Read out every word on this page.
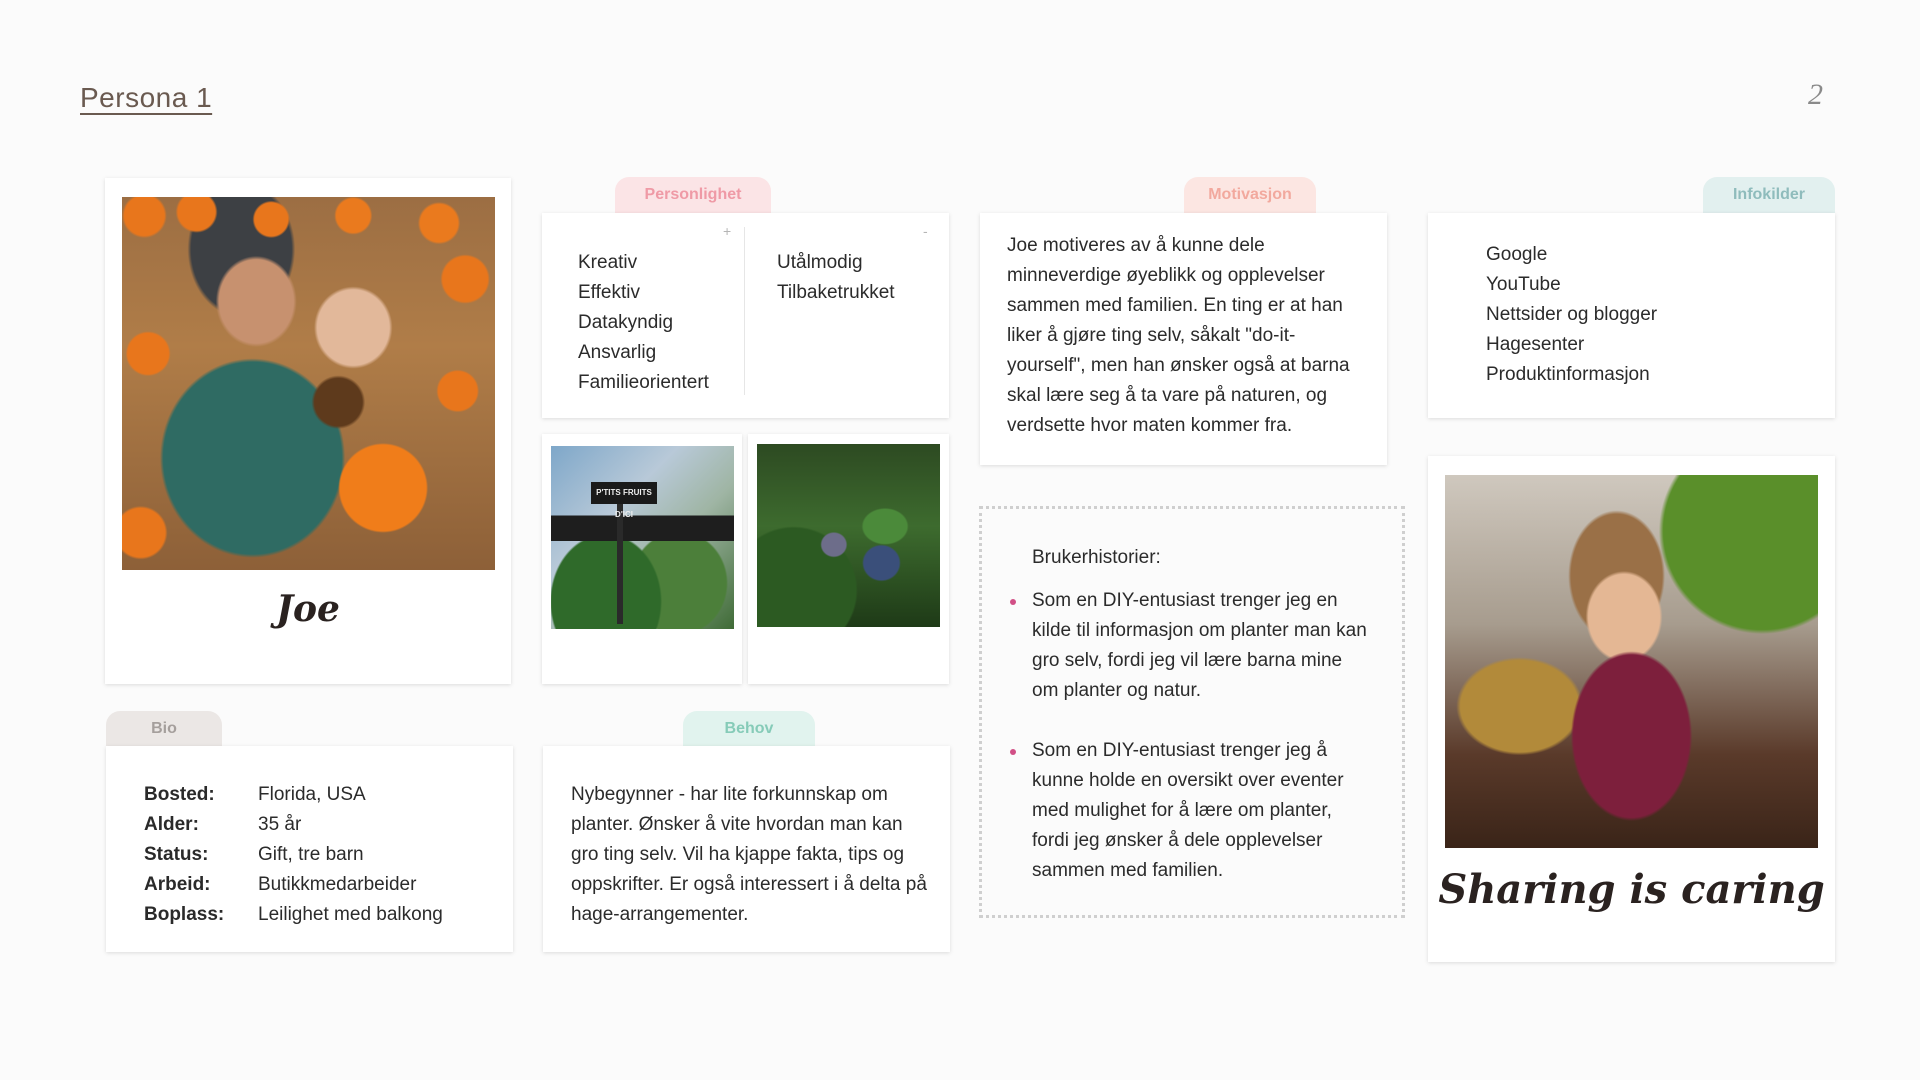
Persona 1	2
Joe
Personlighet
+
Kreativ
Effektiv
Datakyndig
Ansvarlig
Familieorientert
-
Utålmodig
Tilbaketrukket
P'TITS FRUITS D'ICI
Motivasjon
Joe motiveres av å kunne dele minneverdige øyeblikk og opplevelser sammen med familien. En ting er at han liker å gjøre ting selv, såkalt "do-it-yourself", men han ønsker også at barna skal lære seg å ta vare på naturen, og verdsette hvor maten kommer fra.
Infokilder
Google
YouTube
Nettsider og blogger
Hagesenter
Produktinformasjon
Brukerhistorier:
Som en DIY-entusiast trenger jeg en kilde til informasjon om planter man kan gro selv, fordi jeg vil lære barna mine om planter og natur.
Som en DIY-entusiast trenger jeg å kunne holde en oversikt over eventer med mulighet for å lære om planter, fordi jeg ønsker å dele opplevelser sammen med familien.	Sharing is caring
Bio
Bosted:	Florida, USA
Alder:	35 år
Status:	Gift, tre barn
Arbeid:	Butikkmedarbeider
Boplass:	Leilighet med balkong
Behov
Nybegynner - har lite forkunnskap om planter. Ønsker å vite hvordan man kan gro ting selv. Vil ha kjappe fakta, tips og oppskrifter. Er også interessert i å delta på hage-arrangementer.
